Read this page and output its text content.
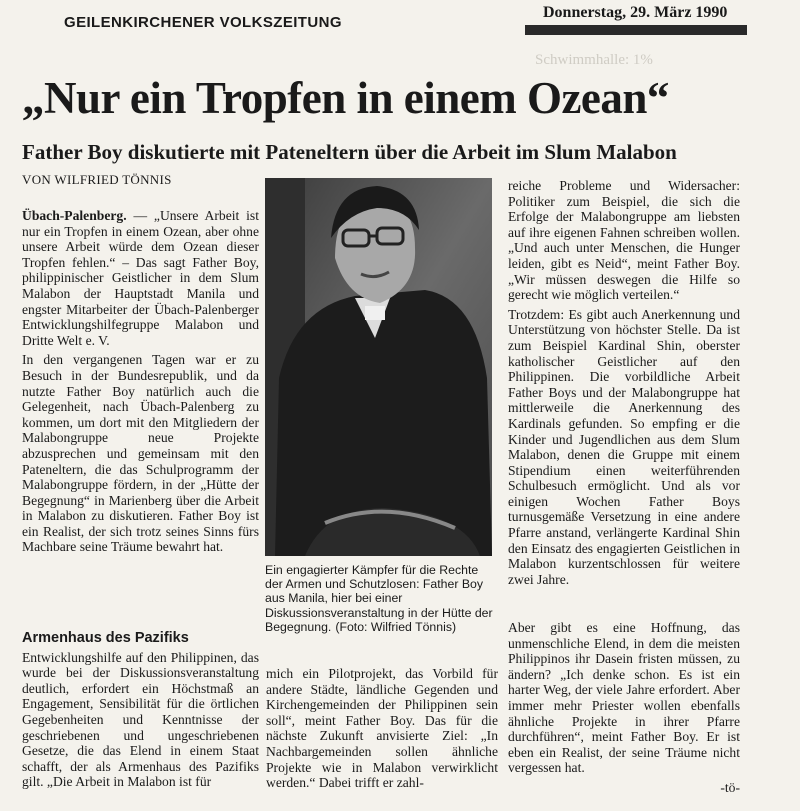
GEILENKIRCHENER VOLKSZEITUNG
Donnerstag, 29. März 1990
Schwimmhalle: 1%
„Nur ein Tropfen in einem Ozean“
Father Boy diskutierte mit Pateneltern über die Arbeit im Slum Malabon
VON WILFRIED TÖNNIS

Übach-Palenberg. — „Unsere Arbeit ist nur ein Tropfen in einem Ozean, aber ohne unsere Arbeit würde dem Ozean dieser Tropfen fehlen.“ – Das sagt Father Boy, philippinischer Geistlicher in dem Slum Malabon der Hauptstadt Manila und engster Mitarbeiter der Übach-Palenberger Entwicklungshilfegruppe Malabon und Dritte Welt e. V.

In den vergangenen Tagen war er zu Besuch in der Bundesrepublik, und da nutzte Father Boy natürlich auch die Gelegenheit, nach Übach-Palenberg zu kommen, um dort mit den Mitgliedern der Malabongruppe neue Projekte abzusprechen und gemeinsam mit den Pateneltern, die das Schulprogramm der Malabongruppe fördern, in der „Hütte der Begegnung“ in Marienberg über die Arbeit in Malabon zu diskutieren. Father Boy ist ein Realist, der sich trotz seines Sinns fürs Machbare seine Träume bewahrt hat.

Armenhaus des Pazifiks

Entwicklungshilfe auf den Philippinen, das wurde bei der Diskussionsveranstaltung deutlich, erfordert ein Höchstmaß an Engagement, Sensibilität für die örtlichen Gegebenheiten und Kenntnisse der geschriebenen und ungeschriebenen Gesetze, die das Elend in einem Staat schafft, der als Armenhaus des Pazifiks gilt. „Die Arbeit in Malabon ist für

Ein engagierter Kämpfer für die Rechte der Armen und Schutzlosen: Father Boy aus Manila, hier bei einer Diskussionsveranstaltung in der Hütte der Begegnung. (Foto: Wilfried Tönnis)

mich ein Pilotprojekt, das Vorbild für andere Städte, ländliche Gegenden und Kirchengemeinden der Philippinen sein soll“, meint Father Boy. Das für die nächste Zukunft anvisierte Ziel: „In Nachbargemeinden sollen ähnliche Projekte wie in Malabon verwirklicht werden.“ Dabei trifft er zahl-

reiche Probleme und Widersacher: Politiker zum Beispiel, die sich die Erfolge der Malabongruppe am liebsten auf ihre eigenen Fahnen schreiben wollen. „Und auch unter Menschen, die Hunger leiden, gibt es Neid“, meint Father Boy. „Wir müssen deswegen die Hilfe so gerecht wie möglich verteilen.“

Trotzdem: Es gibt auch Anerkennung und Unterstützung von höchster Stelle. Da ist zum Beispiel Kardinal Shin, oberster katholischer Geistlicher auf den Philippinen. Die vorbildliche Arbeit Father Boys und der Malabongruppe hat mittlerweile die Anerkennung des Kardinals gefunden. So empfing er die Kinder und Jugendlichen aus dem Slum Malabon, denen die Gruppe mit einem Stipendium einen weiterführenden Schulbesuch ermöglicht. Und als vor einigen Wochen Father Boys turnusgemäße Versetzung in eine andere Pfarre anstand, verlängerte Kardinal Shin den Einsatz des engagierten Geistlichen in Malabon kurzentschlossen für weitere zwei Jahre.

Aber gibt es eine Hoffnung, das unmenschliche Elend, in dem die meisten Philippinos ihr Dasein fristen müssen, zu ändern? „Ich denke schon. Es ist ein harter Weg, der viele Jahre erfordert. Aber immer mehr Priester wollen ebenfalls ähnliche Projekte in ihrer Pfarre durchführen“, meint Father Boy. Er ist eben ein Realist, der seine Träume nicht vergessen hat.

-tö-
